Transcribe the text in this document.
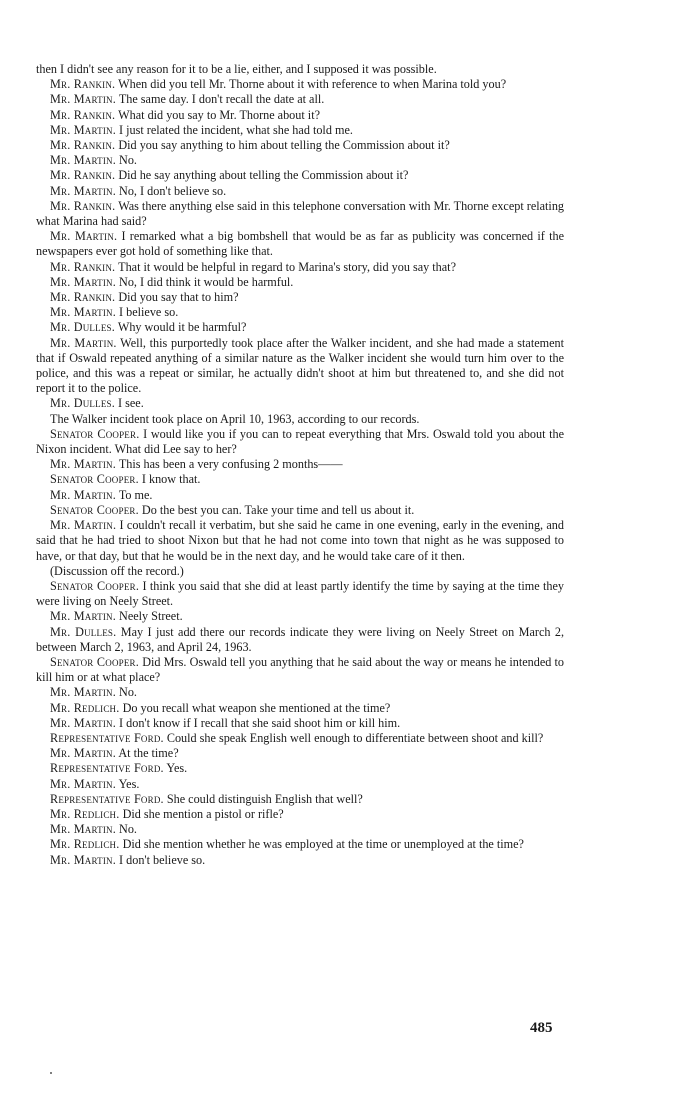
then I didn't see any reason for it to be a lie, either, and I supposed it was possible.

Mr. Rankin. When did you tell Mr. Thorne about it with reference to when Marina told you?

Mr. Martin. The same day. I don't recall the date at all.

Mr. Rankin. What did you say to Mr. Thorne about it?

Mr. Martin. I just related the incident, what she had told me.

Mr. Rankin. Did you say anything to him about telling the Commission about it?

Mr. Martin. No.

Mr. Rankin. Did he say anything about telling the Commission about it?

Mr. Martin. No, I don't believe so.

Mr. Rankin. Was there anything else said in this telephone conversation with Mr. Thorne except relating what Marina had said?

Mr. Martin. I remarked what a big bombshell that would be as far as publicity was concerned if the newspapers ever got hold of something like that.

Mr. Rankin. That it would be helpful in regard to Marina's story, did you say that?

Mr. Martin. No, I did think it would be harmful.

Mr. Rankin. Did you say that to him?

Mr. Martin. I believe so.

Mr. Dulles. Why would it be harmful?

Mr. Martin. Well, this purportedly took place after the Walker incident, and she had made a statement that if Oswald repeated anything of a similar nature as the Walker incident she would turn him over to the police, and this was a repeat or similar, he actually didn't shoot at him but threatened to, and she did not report it to the police.

Mr. Dulles. I see.

The Walker incident took place on April 10, 1963, according to our records.

Senator Cooper. I would like you if you can to repeat everything that Mrs. Oswald told you about the Nixon incident. What did Lee say to her?

Mr. Martin. This has been a very confusing 2 months——

Senator Cooper. I know that.

Mr. Martin. To me.

Senator Cooper. Do the best you can. Take your time and tell us about it.

Mr. Martin. I couldn't recall it verbatim, but she said he came in one evening, early in the evening, and said that he had tried to shoot Nixon but that he had not come into town that night as he was supposed to have, or that day, but that he would be in the next day, and he would take care of it then.

(Discussion off the record.)

Senator Cooper. I think you said that she did at least partly identify the time by saying at the time they were living on Neely Street.

Mr. Martin. Neely Street.

Mr. Dulles. May I just add there our records indicate they were living on Neely Street on March 2, between March 2, 1963, and April 24, 1963.

Senator Cooper. Did Mrs. Oswald tell you anything that he said about the way or means he intended to kill him or at what place?

Mr. Martin. No.

Mr. Redlich. Do you recall what weapon she mentioned at the time?

Mr. Martin. I don't know if I recall that she said shoot him or kill him.

Representative Ford. Could she speak English well enough to differentiate between shoot and kill?

Mr. Martin. At the time?

Representative Ford. Yes.

Mr. Martin. Yes.

Representative Ford. She could distinguish English that well?

Mr. Redlich. Did she mention a pistol or rifle?

Mr. Martin. No.

Mr. Redlich. Did she mention whether he was employed at the time or unemployed at the time?

Mr. Martin. I don't believe so.

485
